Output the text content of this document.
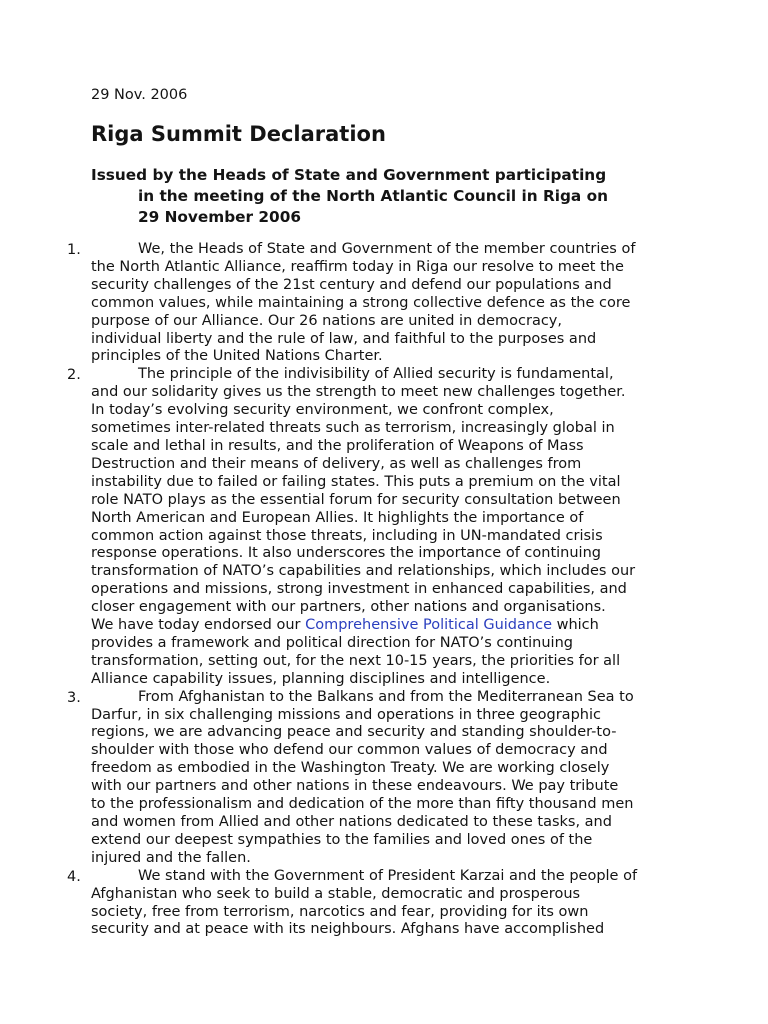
29 Nov. 2006
Riga Summit Declaration
Issued by the Heads of State and Government participating
in the meeting of the North Atlantic Council in Riga on
29 November 2006
1.	We, the Heads of State and Government of the member countries of
the North Atlantic Alliance, reaffirm today in Riga our resolve to meet the
security challenges of the 21st century and defend our populations and
common values, while maintaining a strong collective defence as the core
purpose of our Alliance. Our 26 nations are united in democracy,
individual liberty and the rule of law, and faithful to the purposes and
principles of the United Nations Charter.
2.	The principle of the indivisibility of Allied security is fundamental,
and our solidarity gives us the strength to meet new challenges together.
In today’s evolving security environment, we confront complex,
sometimes inter-related threats such as terrorism, increasingly global in
scale and lethal in results, and the proliferation of Weapons of Mass
Destruction and their means of delivery, as well as challenges from
instability due to failed or failing states. This puts a premium on the vital
role NATO plays as the essential forum for security consultation between
North American and European Allies. It highlights the importance of
common action against those threats, including in UN-mandated crisis
response operations. It also underscores the importance of continuing
transformation of NATO’s capabilities and relationships, which includes our
operations and missions, strong investment in enhanced capabilities, and
closer engagement with our partners, other nations and organisations.
We have today endorsed our Comprehensive Political Guidance which
provides a framework and political direction for NATO’s continuing
transformation, setting out, for the next 10-15 years, the priorities for all
Alliance capability issues, planning disciplines and intelligence.
3.	From Afghanistan to the Balkans and from the Mediterranean Sea to
Darfur, in six challenging missions and operations in three geographic
regions, we are advancing peace and security and standing shoulder-to-
shoulder with those who defend our common values of democracy and
freedom as embodied in the Washington Treaty. We are working closely
with our partners and other nations in these endeavours. We pay tribute
to the professionalism and dedication of the more than fifty thousand men
and women from Allied and other nations dedicated to these tasks, and
extend our deepest sympathies to the families and loved ones of the
injured and the fallen.
4.	We stand with the Government of President Karzai and the people of
Afghanistan who seek to build a stable, democratic and prosperous
society, free from terrorism, narcotics and fear, providing for its own
security and at peace with its neighbours. Afghans have accomplished
